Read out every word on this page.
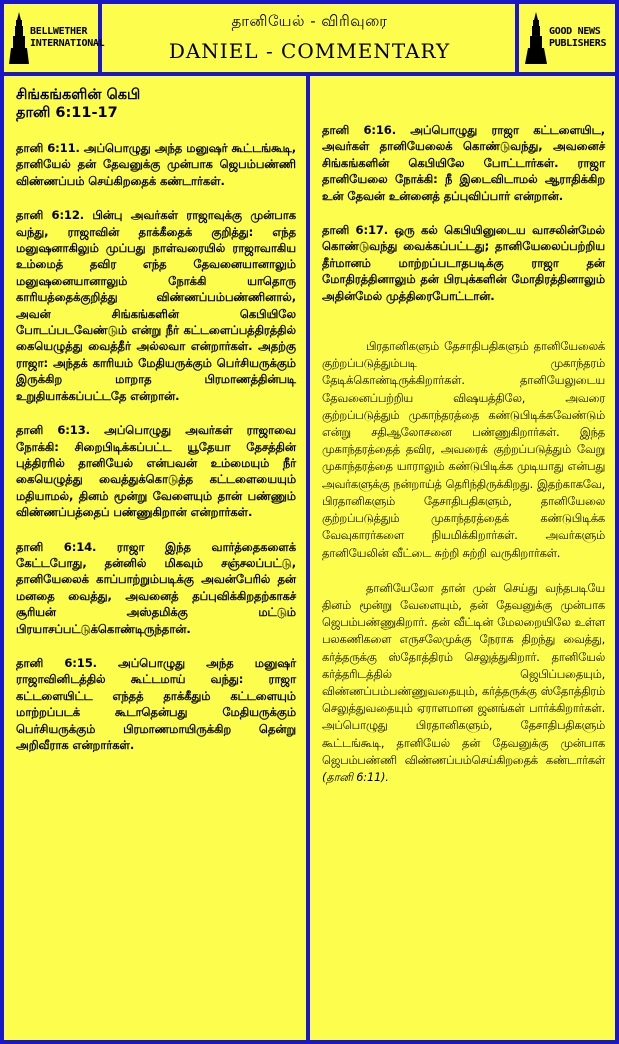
BELLWETHER
INTERNATIONAL
தானியேல் - விரிவுரை
DANIEL - COMMENTARY
GOOD NEWS
PUBLISHERS
சிங்கங்களின் கெபி
தானி 6:11-17

தானி 6:11. அப்பொழுது அந்த மனுஷர் கூட்டங்கூடி, தானியேல் தன் தேவனுக்கு முன்பாக ஜெபம்பண்ணி விண்ணப்பம் செய்கிறதைக் கண்டார்கள்.

தானி 6:12. பின்பு அவர்கள் ராஜாவுக்கு முன்பாக வந்து, ராஜாவின் தாக்கீதைக் குறித்து: எந்த மனுஷனாகிலும் முப்பது நாள்வரையில் ராஜாவாகிய உம்மைத் தவிர எந்த தேவனையானாலும் மனுஷனையானாலும் நோக்கி யாதொரு காரியத்தைக்குறித்து விண்ணப்பம்பண்ணினால், அவன் சிங்கங்களின் கெபியிலே போடப்படவேண்டும் என்று நீர் கட்டளைப்பத்திரத்தில் கையெழுத்து வைத்தீர் அல்லவா என்றார்கள். அதற்கு ராஜா: அந்தக் காரியம் மேதியருக்கும் பெர்சியருக்கும் இருக்கிற மாறாத பிரமாணத்தின்படி உறுதியாக்கப்பட்டதே என்றான்.

தானி 6:13. அப்பொழுது அவர்கள் ராஜாவை நோக்கி: சிறைபிடிக்கப்பட்ட யூதேயா தேசத்தின் புத்திரரில் தானியேல் என்பவன் உம்மையும் நீர் கையெழுத்து வைத்துக்கொடுத்த கட்டளையையும் மதியாமல், தினம் மூன்று வேளையும் தான் பண்ணும் விண்ணப்பத்தைப் பண்ணுகிறான் என்றார்கள்.

தானி 6:14. ராஜா இந்த வார்த்தைகளைக் கேட்டபோது, தன்னில் மிகவும் சஞ்சலப்பட்டு, தானியேலைக் காப்பாற்றும்படிக்கு அவன்பேரில் தன் மனதை வைத்து, அவனைத் தப்புவிக்கிறதற்காகச் சூரியன் அஸ்தமிக்கு மட்டும் பிரயாசப்பட்டுக்கொண்டிருந்தான்.

தானி 6:15. அப்பொழுது அந்த மனுஷர் ராஜாவினிடத்தில் கூட்டமாய் வந்து: ராஜா கட்டளையிட்ட எந்தத் தாக்கீதும் கட்டளையும் மாற்றப்படக் கூடாதென்பது மேதியருக்கும் பெர்சியருக்கும் பிரமாணமாயிருக்கிற தென்று அறிவீராக என்றார்கள்.

தானி 6:16. அப்பொழுது ராஜா கட்டளையிட, அவர்கள் தானியேலைக் கொண்டுவந்து, அவனைச் சிங்கங்களின் கெபியிலே போட்டார்கள். ராஜா தானியேலை நோக்கி: நீ இடைவிடாமல் ஆராதிக்கிற உன் தேவன் உன்னைத் தப்புவிப்பார் என்றான்.

தானி 6:17. ஒரு கல் கெபியினுடைய வாசலின்மேல் கொண்டுவந்து வைக்கப்பட்டது; தானியேலைப்பற்றிய தீர்மானம் மாற்றப்படாதபடிக்கு ராஜா தன் மோதிரத்தினாலும் தன் பிரபுக்களின் மோதிரத்தினாலும் அதின்மேல் முத்திரைபோட்டான்.

பிரதானிகளும் தேசாதிபதிகளும் தானியேலைக் குற்றப்படுத்தும்படி முகாந்தரம் தேடிக்கொண்டிருக்கிறார்கள். தானியேலுடைய தேவனைப்பற்றிய விஷயத்திலே, அவரை குற்றப்படுத்தும் முகாந்தரத்தை கண்டுபிடிக்கவேண்டும் என்று சதிஆலோசனை பண்ணுகிறார்கள். இந்த முகாந்தரத்தைத் தவிர, அவரைக் குற்றப்படுத்தும் வேறு முகாந்தரத்தை யாராலும் கண்டுபிடிக்க முடியாது என்பது அவர்களுக்கு நன்றாய்த் தெரிந்திருக்கிறது. இதற்காகவே, பிரதானிகளும் தேசாதிபதிகளும், தானியேலை குற்றப்படுத்தும் முகாந்தரத்தைக் கண்டுபிடிக்க வேவுகாரர்களை நியமிக்கிறார்கள். அவர்களும் தானியேலின் வீட்டை சுற்றி சுற்றி வருகிறார்கள்.

தானியேலோ தான் முன் செய்து வந்தபடியே தினம் மூன்று வேளையும், தன் தேவனுக்கு முன்பாக ஜெபம்பண்ணுகிறார். தன் வீட்டின் மேலறையிலே உள்ள பலகணிகளை எருசலேமுக்கு நேராக திறந்து வைத்து, கர்த்தருக்கு ஸ்தோத்திரம் செலுத்துகிறார். தானியேல் கர்த்தரிடத்தில் ஜெபிப்பதையும், விண்ணப்பம்பண்ணுவதையும், கர்த்தருக்கு ஸ்தோத்திரம் செலுத்துவதையும் ஏராளமான ஜனங்கள் பார்க்கிறார்கள். அப்பொழுது பிரதானிகளும், தேசாதிபதிகளும் கூட்டங்கூடி, தானியேல் தன் தேவனுக்கு முன்பாக ஜெபம்பண்ணி விண்ணப்பம்செய்கிறதைக் கண்டார்கள் (தானி 6:11).
